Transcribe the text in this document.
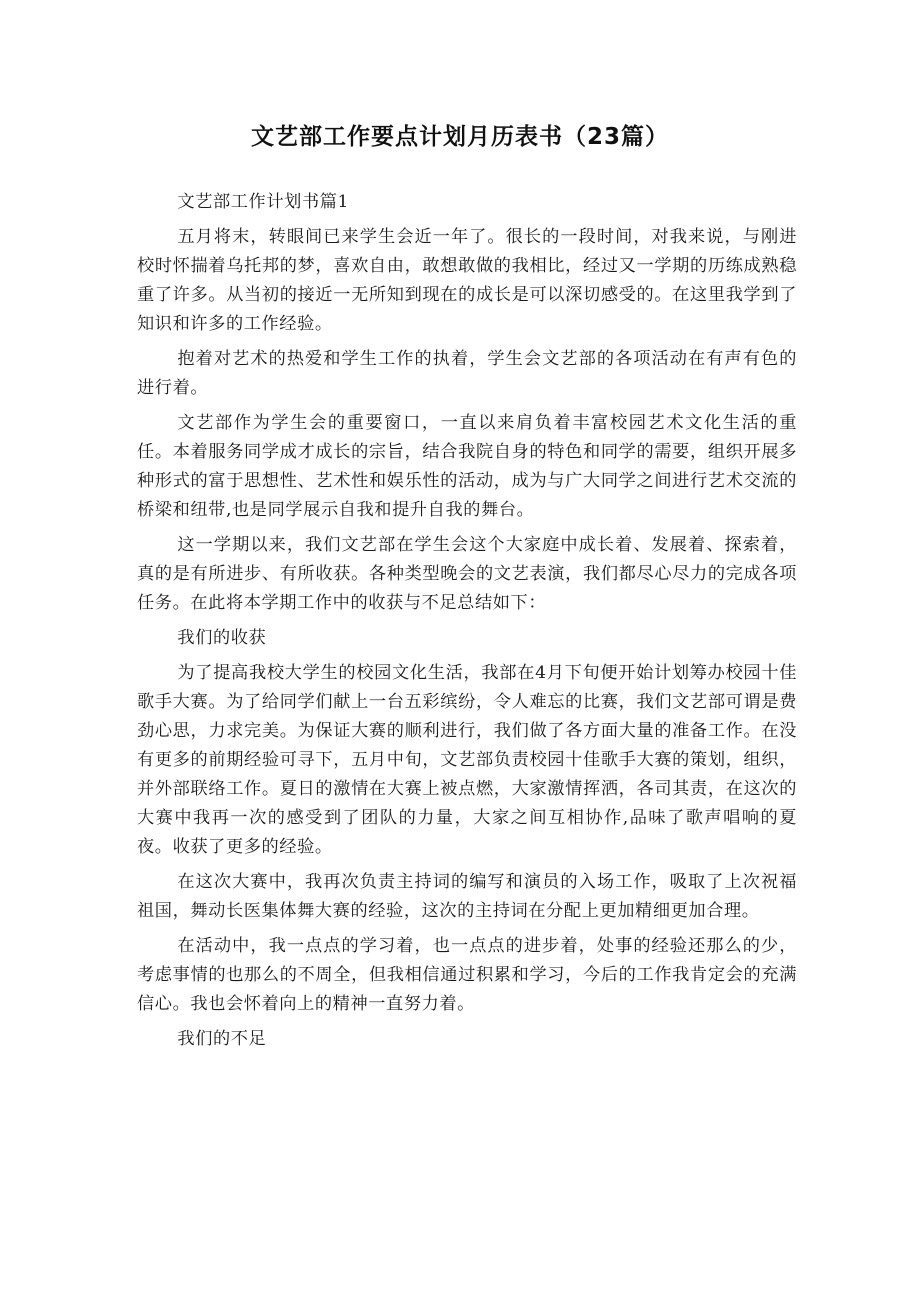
文艺部工作要点计划月历表书（23篇）

文艺部工作计划书篇1

五月将末，转眼间已来学生会近一年了。很长的一段时间，对我来说，与刚进校时怀揣着乌托邦的梦，喜欢自由，敢想敢做的我相比，经过又一学期的历练成熟稳重了许多。从当初的接近一无所知到现在的成长是可以深切感受的。在这里我学到了知识和许多的工作经验。

抱着对艺术的热爱和学生工作的执着，学生会文艺部的各项活动在有声有色的进行着。

文艺部作为学生会的重要窗口，一直以来肩负着丰富校园艺术文化生活的重任。本着服务同学成才成长的宗旨，结合我院自身的特色和同学的需要，组织开展多种形式的富于思想性、艺术性和娱乐性的活动，成为与广大同学之间进行艺术交流的桥梁和纽带,也是同学展示自我和提升自我的舞台。

这一学期以来，我们文艺部在学生会这个大家庭中成长着、发展着、探索着，真的是有所进步、有所收获。各种类型晚会的文艺表演，我们都尽心尽力的完成各项任务。在此将本学期工作中的收获与不足总结如下：

我们的收获

为了提高我校大学生的校园文化生活，我部在4月下旬便开始计划筹办校园十佳歌手大赛。为了给同学们献上一台五彩缤纷，令人难忘的比赛，我们文艺部可谓是费劲心思，力求完美。为保证大赛的顺利进行，我们做了各方面大量的准备工作。在没有更多的前期经验可寻下，五月中旬，文艺部负责校园十佳歌手大赛的策划，组织，并外部联络工作。夏日的激情在大赛上被点燃，大家激情挥洒，各司其责，在这次的大赛中我再一次的感受到了团队的力量，大家之间互相协作,品味了歌声唱响的夏夜。收获了更多的经验。

在这次大赛中，我再次负责主持词的编写和演员的入场工作，吸取了上次祝福祖国，舞动长医集体舞大赛的经验，这次的主持词在分配上更加精细更加合理。

在活动中，我一点点的学习着，也一点点的进步着，处事的经验还那么的少，考虑事情的也那么的不周全，但我相信通过积累和学习，今后的工作我肯定会的充满信心。我也会怀着向上的精神一直努力着。

我们的不足
